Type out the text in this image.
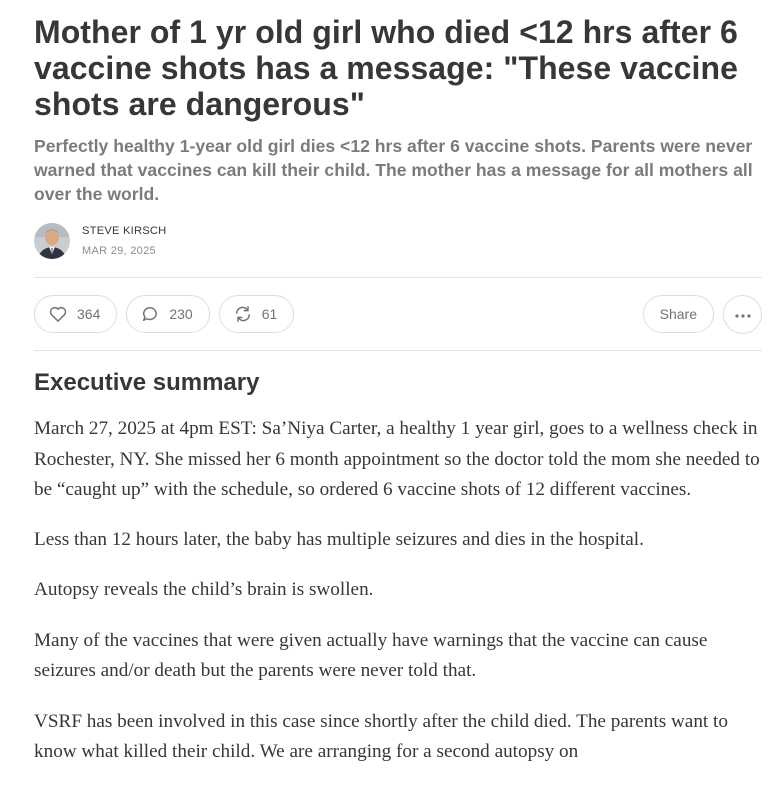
Mother of 1 yr old girl who died <12 hrs after 6 vaccine shots has a message: "These vaccine shots are dangerous"
Perfectly healthy 1-year old girl dies <12 hrs after 6 vaccine shots. Parents were never warned that vaccines can kill their child. The mother has a message for all mothers all over the world.
STEVE KIRSCH
MAR 29, 2025
364	230	61	Share
Executive summary

March 27, 2025 at 4pm EST: Sa’Niya Carter, a healthy 1 year girl, goes to a wellness check in Rochester, NY. She missed her 6 month appointment so the doctor told the mom she needed to be “caught up” with the schedule, so ordered 6 vaccine shots of 12 different vaccines.

Less than 12 hours later, the baby has multiple seizures and dies in the hospital.

Autopsy reveals the child’s brain is swollen.

Many of the vaccines that were given actually have warnings that the vaccine can cause seizures and/or death but the parents were never told that.

VSRF has been involved in this case since shortly after the child died. The parents want to know what killed their child. We are arranging for a second autopsy on
